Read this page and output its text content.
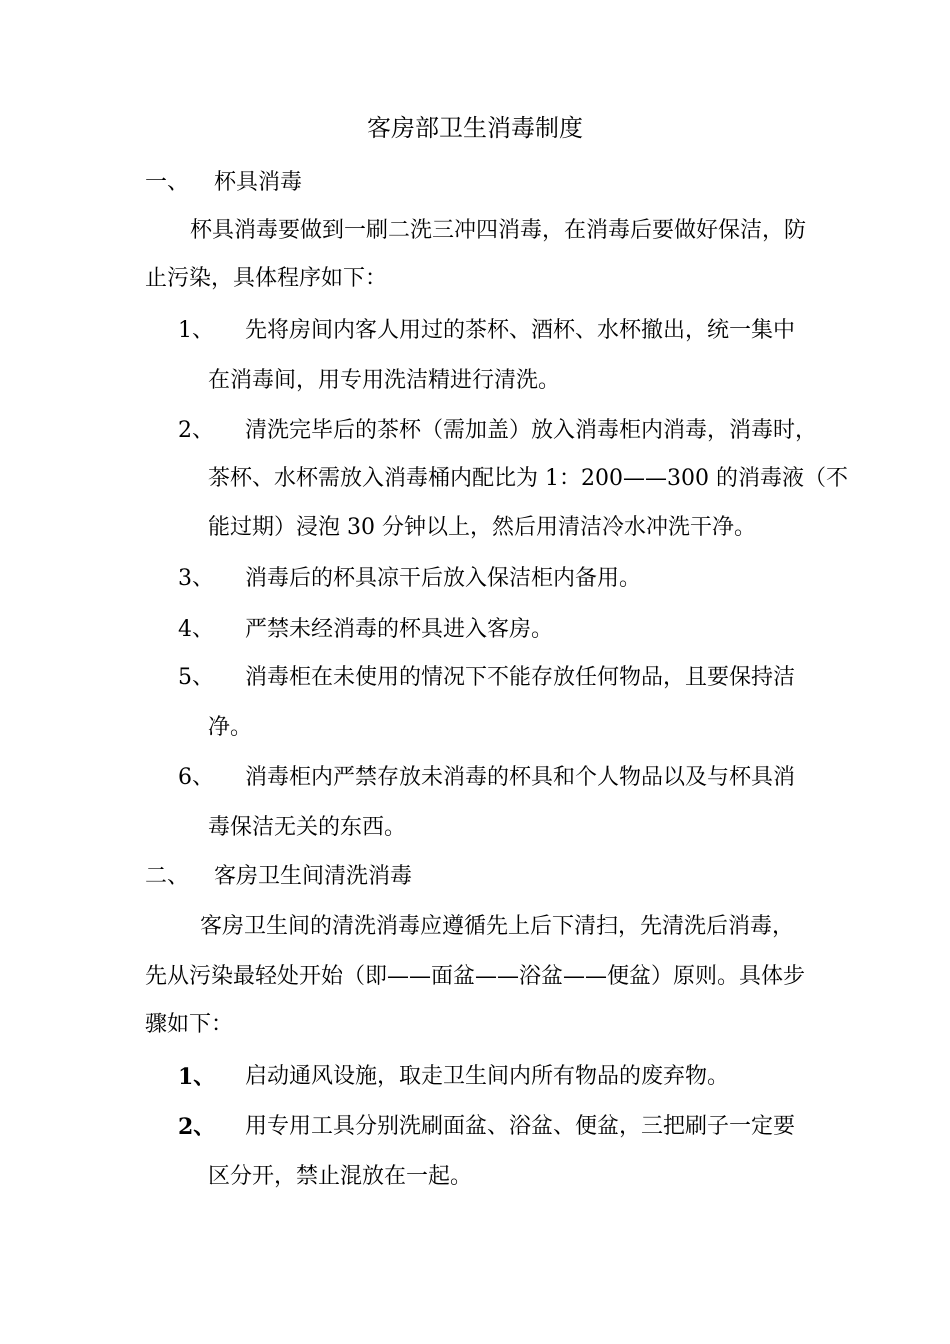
客房部卫生消毒制度
一、 杯具消毒
杯具消毒要做到一刷二洗三冲四消毒，在消毒后要做好保洁，防
止污染，具体程序如下：
1、 先将房间内客人用过的茶杯、酒杯、水杯撤出，统一集中
在消毒间，用专用洗洁精进行清洗。
2、 清洗完毕后的茶杯（需加盖）放入消毒柜内消毒，消毒时，
茶杯、水杯需放入消毒桶内配比为 1：200——300 的消毒液（不
能过期）浸泡 30 分钟以上，然后用清洁冷水冲洗干净。
3、 消毒后的杯具凉干后放入保洁柜内备用。
4、 严禁未经消毒的杯具进入客房。
5、 消毒柜在未使用的情况下不能存放任何物品，且要保持洁
净。
6、 消毒柜内严禁存放未消毒的杯具和个人物品以及与杯具消
毒保洁无关的东西。
二、 客房卫生间清洗消毒
客房卫生间的清洗消毒应遵循先上后下清扫，先清洗后消毒，
先从污染最轻处开始（即——面盆——浴盆——便盆）原则。具体步
骤如下：
1、 启动通风设施，取走卫生间内所有物品的废弃物。
2、 用专用工具分别洗刷面盆、浴盆、便盆，三把刷子一定要
区分开，禁止混放在一起。
